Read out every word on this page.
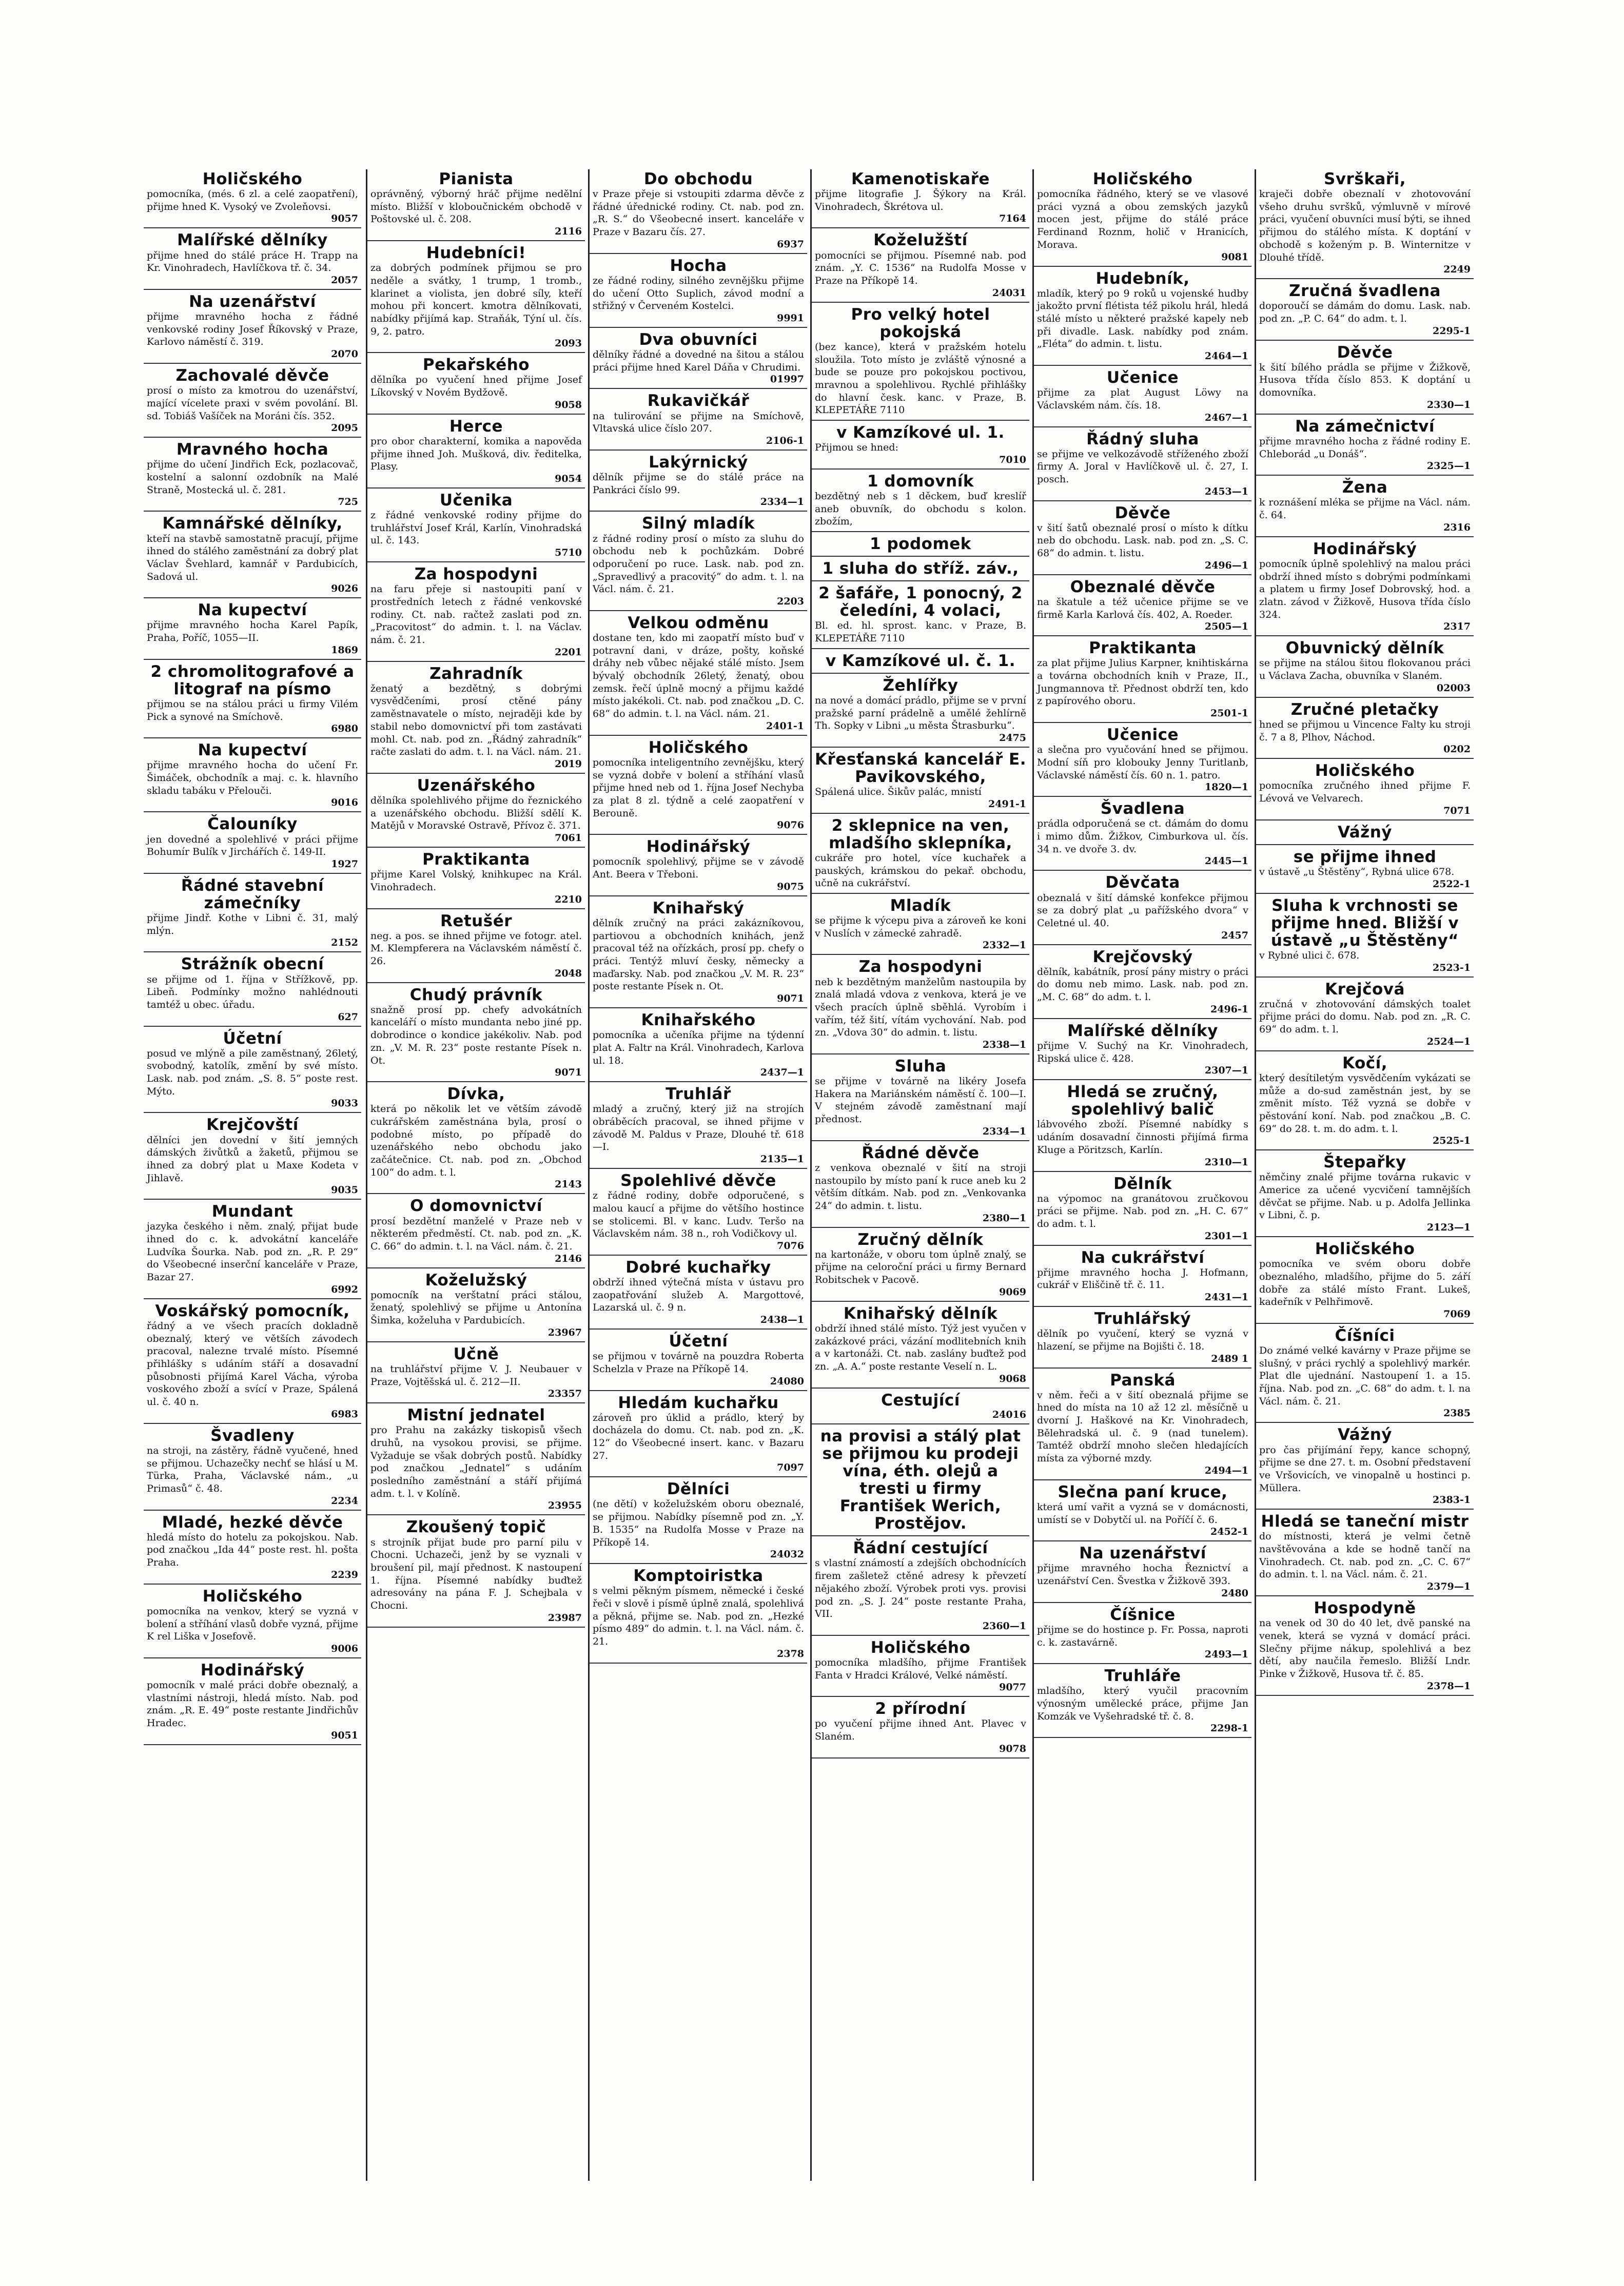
Holičského

pomocníka, (més. 6 zl. a celé zaopatření), přijme hned K. Vysoký ve Zvoleňovsi.

9057
Malířské dělníky

přijme hned do stálé práce H. Trapp na Kr. Vinohradech, Havlíčkova tř. č. 34.

2057
Na uzenářství

přijme mravného hocha z řádné venkovské rodiny Josef Říkovský v Praze, Karlovo náměstí č. 319.

2070
Zachovalé děvče

prosí o místo za kmotrou do uzenářství, mající vícelete praxi v svém povolání. Bl. sd. Tobiáš Vašíček na Moráni čís. 352.

2095
Mravného hocha

přijme do učení Jindřich Eck, pozlacovač, kostelní a salonní ozdobník na Malé Straně, Mostecká ul. č. 281.

725
Kamnářské dělníky,

kteří na stavbě samostatně pracují, přijme ihned do stálého zaměstnání za dobrý plat Václav Švehlard, kamnář v Pardubicích, Sadová ul.

9026
Na kupectví

přijme mravného hocha Karel Papík, Praha, Poříč, 1055—II.

1869
2 chromolitografové a litograf na písmo

přijmou se na stálou práci u firmy Vilém Pick a synové na Smíchově.

6980
Na kupectví

přijme mravného hocha do učení Fr. Šimáček, obchodník a maj. c. k. hlavního skladu tabáku v Přelouči.

9016
Čalouníky

jen dovedné a spolehlivé v práci přijme Bohumír Bulík v Jirchářích č. 149-II.

1927
Řádné stavební zámečníky

přijme Jindř. Kothe v Libni č. 31, malý mlýn.

2152
Strážník obecní

se přijme od 1. října v Střížkově, pp. Libeň. Podmínky možno nahlédnouti tamtéž u obec. úřadu.

627
Účetní

posud ve mlýně a pile zaměstnaný, 26letý, svobodný, katolík, změní by své místo. Lask. nab. pod znám. „S. 8. 5“ poste rest. Mýto.

9033
Krejčovští

dělníci jen dovední v šití jemných dámských živůtků a žaketů, přijmou se ihned za dobrý plat u Maxe Kodeta v Jihlavě.

9035
Mundant

jazyka českého i něm. znalý, přijat bude ihned do c. k. advokátní kanceláře Ludvíka Šourka. Nab. pod zn. „R. P. 29“ do Všeobecné inserční kanceláře v Praze, Bazar 27.

6992
Voskářský pomocník,

řádný a ve všech pracích dokladně obeznalý, který ve větších závodech pracoval, nalezne trvalé místo. Písemné přihlášky s udáním stáří a dosavadní působnosti přijímá Karel Vácha, výroba voskového zboží a svící v Praze, Spálená ul. č. 40 n.

6983
Švadleny

na stroji, na zástěry, řádně vyučené, hned se přijmou. Uchazečky nechť se hlásí u M. Türka, Praha, Václavské nám., „u Primasů“ č. 48.

2234
Mladé, hezké děvče

hledá místo do hotelu za pokojskou. Nab. pod značkou „Ida 44“ poste rest. hl. pošta Praha.

2239
Holičského

pomocníka na venkov, který se vyzná v bolení a stříhání vlasů dobře vyzná, přijme K rel Liška v Josefově.

9006
Hodinářský

pomocník v malé práci dobře obeznalý, a vlastními nástroji, hledá místo. Nab. pod znám. „R. E. 49“ poste restante Jindřichův Hradec.

9051
Pianista

oprávněný, výborný hráč přijme nedělní místo. Bližší v kloboučnickém obchodě v Poštovské ul. č. 208.

2116
Hudebníci!

za dobrých podmínek přijmou se pro neděle a svátky, 1 trump, 1 tromb., klarinet a violista, jen dobré síly, kteří mohou při koncert. kmotra dělníkovati, nabídky přijímá kap. Straňák, Týní ul. čís. 9, 2. patro.

2093
Pekařského

dělníka po vyučení hned přijme Josef Líkovský v Novém Bydžově.

9058
Herce

pro obor charakterní, komika a napověda přijme ihned Joh. Mušková, div. ředitelka, Plasy.

9054
Učenika

z řádné venkovské rodiny přijme do truhlářství Josef Král, Karlín, Vinohradská ul. č. 143.

5710
Za hospodyni

na faru přeje si nastoupiti paní v prostředních letech z řádné venkovské rodiny. Ct. nab. račtež zaslati pod zn. „Pracovitost“ do admin. t. l. na Václav. nám. č. 21.

2201
Zahradník

ženatý a bezdětný, s dobrými vysvědčeními, prosí ctěné pány zaměstnavatele o místo, nejraději kde by stabil nebo domovnictví při tom zastávati mohl. Ct. nab. pod zn. „Řádný zahradník“ račte zaslati do adm. t. l. na Václ. nám. 21.

2019
Uzenářského

dělníka spolehlivého přijme do řeznického a uzenářského obchodu. Bližší sdělí K. Matějů v Moravské Ostravě, Přívoz č. 371.

7061
Praktikanta

přijme Karel Volský, knihkupec na Král. Vinohradech.

2210
Retušér

neg. a pos. se ihned přijme ve fotogr. atel. M. Klempferera na Václavském náměstí č. 26.

2048
Chudý právník

snažně prosí pp. chefy advokátních kanceláří o místo mundanta nebo jiné pp. dobrodince o kondice jakékoliv. Nab. pod zn. „V. M. R. 23“ poste restante Písek n. Ot.

9071
Dívka,

která po několik let ve větším závodě cukrářském zaměstnána byla, prosí o podobné místo, po případě do uzenářského nebo obchodu jako začátečnice. Ct. nab. pod zn. „Obchod 100“ do adm. t. l.

2143
O domovnictví

prosí bezdětní manželé v Praze neb v některém předměstí. Ct. nab. pod zn. „K. C. 66“ do admin. t. l. na Václ. nám. č. 21.

2146
Koželužský

pomocník na verštatní práci stálou, ženatý, spolehlivý se přijme u Antonína Šimka, koželuha v Pardubicích.

23967
Učně

na truhlářství přijme V. J. Neubauer v Praze, Vojtěšská ul. č. 212—II.

23357
Mistní jednatel

pro Prahu na zakázky tiskopisů všech druhů, na vysokou provisi, se přijme. Vyžaduje se však dobrých postů. Nabídky pod značkou „Jednatel“ s udáním posledního zaměstnání a stáří přijímá adm. t. l. v Kolíně.

23955
Zkoušený topič

s strojník přijat bude pro parní pilu v Chocni. Uchazeči, jenž by se vyznali v broušení pil, mají přednost. K nastoupení 1. října. Písemné nabídky buďtež adresovány na pána F. J. Schejbala v Chocni.

23987
Do obchodu

v Praze přeje si vstoupiti zdarma děvče z řádné úřednické rodiny. Ct. nab. pod zn. „R. S.“ do Všeobecné insert. kanceláře v Praze v Bazaru čís. 27.

6937
Hocha

ze řádné rodiny, silného zevnějšku přijme do učení Otto Suplich, závod modní a střižný v Červeném Kostelci.

9991
Dva obuvníci

dělníky řádné a dovedné na šitou a stálou práci přijme hned Karel Dáňa v Chrudimi.

01997
Rukavičkář

na tulirování se přijme na Smíchově, Vltavská ulice číslo 207.

2106-1
Lakýrnický

dělník přijme se do stálé práce na Pankráci číslo 99.

2334—1
Silný mladík

z řádné rodiny prosí o místo za sluhu do obchodu neb k pochůzkám. Dobré odporučení po ruce. Lask. nab. pod zn. „Spravedlivý a pracovitý“ do adm. t. l. na Václ. nám. č. 21.

2203
Velkou odměnu

dostane ten, kdo mi zaopatří místo buď v potravní dani, v dráze, pošty, koňské dráhy neb vůbec nějaké stálé místo. Jsem bývalý obchodník 26letý, ženatý, obou zemsk. řečí úplně mocný a přijmu každé místo jakékoli. Ct. nab. pod značkou „D. C. 68“ do admin. t. l. na Václ. nám. 21.

2401-1
Holičského

pomocníka inteligentního zevnějšku, který se vyzná dobře v bolení a stříhání vlasů přijme hned neb od 1. října Josef Nechyba za plat 8 zl. týdně a celé zaopatření v Berouně.

9076
Hodinářský

pomocník spolehlivý, přijme se v závodě Ant. Beera v Třeboni.

9075
Knihařský

dělník zručný na práci zakázníkovou, partiovou a obchodních knihách, jenž pracoval též na ořízkách, prosí pp. chefy o práci. Tentýž mluví česky, německy a maďarsky. Nab. pod značkou „V. M. R. 23“ poste restante Písek n. Ot.

9071
Knihařského

pomocníka a učeníka přijme na týdenní plat A. Faltr na Král. Vinohradech, Karlova ul. 18.

2437—1
Truhlář

mladý a zručný, který již na strojích obráběcích pracoval, se ihned přijme v závodě M. Paldus v Praze, Dlouhé tř. 618—I.

2135—1
Spolehlivé děvče

z řádné rodiny, dobře odporučené, s malou kaucí a přijme do většího hostince se stolicemi. Bl. v kanc. Ludv. Teršo na Václavském nám. 38 n., roh Vodičkovy ul.

7076
Dobré kuchařky

obdrží ihned výtečná místa v ústavu pro zaopatřování služeb A. Margottové, Lazarská ul. č. 9 n.

2438—1
Účetní

se přijmou v továrně na pouzdra Roberta Schelzla v Praze na Příkopě 14.

24080
Hledám kuchařku

zároveň pro úklid a prádlo, který by docházela do domu. Ct. nab. pod zn. „K. 12“ do Všeobecné insert. kanc. v Bazaru 27.

7097
Dělníci

(ne dětí) v koželužském oboru obeznalé, se přijmou. Nabídky písemně pod zn. „Y. B. 1535“ na Rudolfa Mosse v Praze na Příkopě 14.

24032
Komptoiristka

s velmi pěkným písmem, německé i české řeči v slově i písmě úplně znalá, spolehlivá a pěkná, přijme se. Nab. pod zn. „Hezké písmo 489“ do admin. t. l. na Václ. nám. č. 21.

2378
Kamenotiskaře

přijme litografie J. Šýkory na Král. Vinohradech, Škrétova ul.

7164
Koželužští

pomocníci se přijmou. Písemné nab. pod znám. „Y. C. 1536“ na Rudolfa Mosse v Praze na Příkopě 14.

24031
Pro velký hotel pokojská

(bez kance), která v pražském hotelu sloužila. Toto místo je zvláště výnosné a bude se pouze pro pokojskou poctivou, mravnou a spolehlivou. Rychlé přihlášky do hlavní česk. kanc. v Praze, B. KLEPETÁŘE 7110

v Kamzíkové ul. 1.

Přijmou se hned:

7010
1 domovník

bezdětný neb s 1 děckem, buď kreslíř aneb obuvník, do obchodu s kolon. zbožím,

1 podomek

1 sluha do stříž. záv.,

2 šafáře, 1 ponocný, 2 čeledíni, 4 volaci,

Bl. ed. hl. sprost. kanc. v Praze, B. KLEPETÁŘE 7110

v Kamzíkové ul. č. 1.

Žehlířky

na nové a domácí prádlo, přijme se v první pražské parní prádelně a umělé žehlírně Th. Sopky v Libni „u města Štrasburku“.

2475
Křesťanská kancelář E. Pavikovského,

Spálená ulice. Šikův palác, mnistí

2491-1
2 sklepnice na ven, mladšího sklepníka,

cukráře pro hotel, více kuchařek a pauských, krámskou do pekař. obchodu, učně na cukrářství.

Mladík

se přijme k výcepu piva a zároveň ke koni v Nuslích v zámecké zahradě.

2332—1
Za hospodyni

neb k bezdětným manželům nastoupila by znalá mladá vdova z venkova, která je ve všech pracích úplně sběhlá. Vyrobím i vařím, též šití, vítám vychování. Nab. pod zn. „Vdova 30“ do admin. t. listu.

2338—1
Sluha

se přijme v továrně na likéry Josefa Hakera na Mariánském náměstí č. 100—I. V stejném závodě zaměstnaní mají přednost.

2334—1
Řádné děvče

z venkova obeznalé v šití na stroji nastoupilo by místo paní k ruce aneb ku 2 větším dítkám. Nab. pod zn. „Venkovanka 24“ do admin. t. listu.

2380—1
Zručný dělník

na kartonáže, v oboru tom úplně znalý, se přijme na celoroční práci u firmy Bernard Robitschek v Pacově.

9069
Knihařský dělník

obdrží ihned stálé místo. Týž jest vyučen v zakázkové práci, vázání modlitebních knih a v kartonáži. Ct. nab. zaslány buďtež pod zn. „A. A.“ poste restante Veselí n. L.

9068
Cestující

24016
na provisi a stálý plat se přijmou ku prodeji vína, éth. olejů a tresti u firmy František Werich, Prostějov.

Řádní cestující

s vlastní známostí a zdejších obchodnících firem zašletež ctěné adresy k převzetí nějakého zboží. Výrobek proti vys. provisi pod zn. „S. J. 24“ poste restante Praha, VII.

2360—1
Holičského

pomocníka mladšího, přijme František Fanta v Hradci Králové, Velké náměstí.

9077
2 přírodní

po vyučení přijme ihned Ant. Plavec v Slaném.

9078
Holičského

pomocníka řádného, který se ve vlasové práci vyzná a obou zemských jazyků mocen jest, přijme do stálé práce Ferdinand Roznm, holič v Hranicích, Morava.

9081
Hudebník,

mladík, který po 9 roků u vojenské hudby jakožto první flétista též pikolu hrál, hledá stálé místo u některé pražské kapely neb při divadle. Lask. nabídky pod znám. „Fléta“ do admin. t. listu.

2464—1
Učenice

přijme za plat August Löwy na Václavském nám. čís. 18.

2467—1
Řádný sluha

se přijme ve velkozávodě stříženého zboží firmy A. Joral v Havlíčkově ul. č. 27, I. posch.

2453—1
Děvče

v šití šatů obeznalé prosí o místo k dítku neb do obchodu. Lask. nab. pod zn. „S. C. 68“ do admin. t. listu.

2496—1
Obeznalé děvče

na škatule a též učenice přijme se ve firmě Karla Karlová čís. 402, A. Roeder.

2505—1
Praktikanta

za plat přijme Julius Karpner, knihtiskárna a továrna obchodních knih v Praze, II., Jungmannova tř. Přednost obdrží ten, kdo z papírového oboru.

2501-1
Učenice

a slečna pro vyučování hned se přijmou. Modní síň pro klobouky Jenny Turitlanb, Václavské náměstí čís. 60 n. 1. patro.

1820—1
Švadlena

prádla odporučená se ct. dámám do domu i mimo dům. Žižkov, Cimburkova ul. čís. 34 n. ve dvoře 3. dv.

2445—1
Děvčata

obeznalá v šití dámské konfekce přijmou se za dobrý plat „u pařížského dvora“ v Celetné ul. 40.

2457
Krejčovský

dělník, kabátník, prosí pány mistry o práci do domu neb mimo. Lask. nab. pod zn. „M. C. 68“ do adm. t. l.

2496-1
Malířské dělníky

přijme V. Suchý na Kr. Vinohradech, Ripská ulice č. 428.

2307—1
Hledá se zručný, spolehlivý balič

lábvového zboží. Písemné nabídky s udáním dosavadní činnosti přijímá firma Kluge a Pöritzsch, Karlín.

2310—1
Dělník

na výpomoc na granátovou zručkovou práci se přijme. Nab. pod zn. „H. C. 67“ do adm. t. l.

2301—1
Na cukrářství

přijme mravného hocha J. Hofmann, cukrář v Eliščině tř. č. 11.

2431—1
Truhlářský

dělník po vyučení, který se vyzná v hlazení, se přijme na Bojišti č. 18.

2489 1
Panská

v něm. řeči a v šití obeznalá přijme se hned do místa na 10 až 12 zl. měsíčně u dvorní J. Haškové na Kr. Vinohradech, Bělehradská ul. č. 9 (nad tunelem). Tamtéž obdrží mnoho slečen hledajících místa za výborné mzdy.

2494—1
Slečna paní kruce,

která umí vařit a vyzná se v domácnosti, umístí se v Dobytčí ul. na Poříčí č. 6.

2452-1
Na uzenářství

přijme mravného hocha Řeznictví a uzenářství Cen. Švestka v Žižkově 393.

2480
Číšnice

přijme se do hostince p. Fr. Possa, naproti c. k. zastavárně.

2493—1
Truhláře

mladšího, který vyučil pracovním výnosným umělecké práce, přijme Jan Komzák ve Vyšehradské tř. č. 8.

2298-1
Svrškaři,

kraječi dobře obeznalí v zhotovování všeho druhu svršků, výmluvně v mírové práci, vyučení obuvníci musí býti, se ihned přijmou do stálého místa. K doptání v obchodě s koženým p. B. Winternitze v Dlouhé třídě.

2249
Zručná švadlena

doporoučí se dámám do domu. Lask. nab. pod zn. „P. C. 64“ do adm. t. l.

2295-1
Děvče

k šití bílého prádla se přijme v Žižkově, Husova třída číslo 853. K doptání u domovníka.

2330—1
Na zámečnictví

přijme mravného hocha z řádné rodiny E. Chleborád „u Donáš“.

2325—1
Žena

k roznášení mléka se přijme na Václ. nám. č. 64.

2316
Hodinářský

pomocník úplně spolehlivý na malou práci obdrží ihned místo s dobrými podmínkami a platem u firmy Josef Dobrovský, hod. a zlatn. závod v Žižkově, Husova třída číslo 324.

2317
Obuvnický dělník

se přijme na stálou šitou flokovanou práci u Václava Zacha, obuvníka v Slaném.

02003
Zručné pletačky

hned se přijmou u Vincence Falty ku stroji č. 7 a 8, Plhov, Náchod.

0202
Holičského

pomocníka zručného ihned přijme F. Lévová ve Velvarech.

7071
Vážný

se přijme ihned

v ústavě „u Štěstěny“, Rybná ulice 678.

2522-1
Sluha k vrchnosti se přijme hned. Bližší v ústavě „u Štěstěny“

v Rybné ulici č. 678.

2523-1
Krejčová

zručná v zhotovování dámských toalet přijme práci do domu. Nab. pod zn. „R. C. 69“ do adm. t. l.

2524—1
Kočí,

který desítiletým vysvědčením vykázati se může a do-sud zaměstnán jest, by se změnit místo. Též vyzná se dobře v pěstování koní. Nab. pod značkou „B. C. 69“ do 28. t. m. do adm. t. l.

2525-1
Štepařky

němčiny znalé přijme továrna rukavic v Americe za učené vycvičení tamnějších děvčat se přijme. Nab. u p. Adolfa Jellinka v Libni, č. p.

2123—1
Holičského

pomocníka ve svém oboru dobře obeznalého, mladšího, přijme do 5. září dobře za stálé místo Frant. Lukeš, kadeřník v Pelhřimově.

7069
Číšníci

Do známé velké kavárny v Praze přijme se slušný, v práci rychlý a spolehlivý markér. Plat dle ujednání. Nastoupení 1. a 15. října. Nab. pod zn. „C. 68“ do adm. t. l. na Václ. nám. č. 21.

2385
Vážný

pro čas přijímání řepy, kance schopný, přijme se dne 27. t. m. Osobní představení ve Vršovicích, ve vinopalně u hostinci p. Müllera.

2383-1
Hledá se taneční mistr

do místnosti, která je velmi četně navštěvována a kde se hodně tančí na Vinohradech. Ct. nab. pod zn. „C. C. 67“ do admin. t. l. na Václ. nám. č. 21.

2379—1
Hospodyně

na venek od 30 do 40 let, dvě panské na venek, která se vyzná v domácí práci. Slečny přijme nákup, spolehlivá a bez dětí, aby naučila řemeslo. Bližší Lndr. Pinke v Žižkově, Husova tř. č. 85.

2378—1
